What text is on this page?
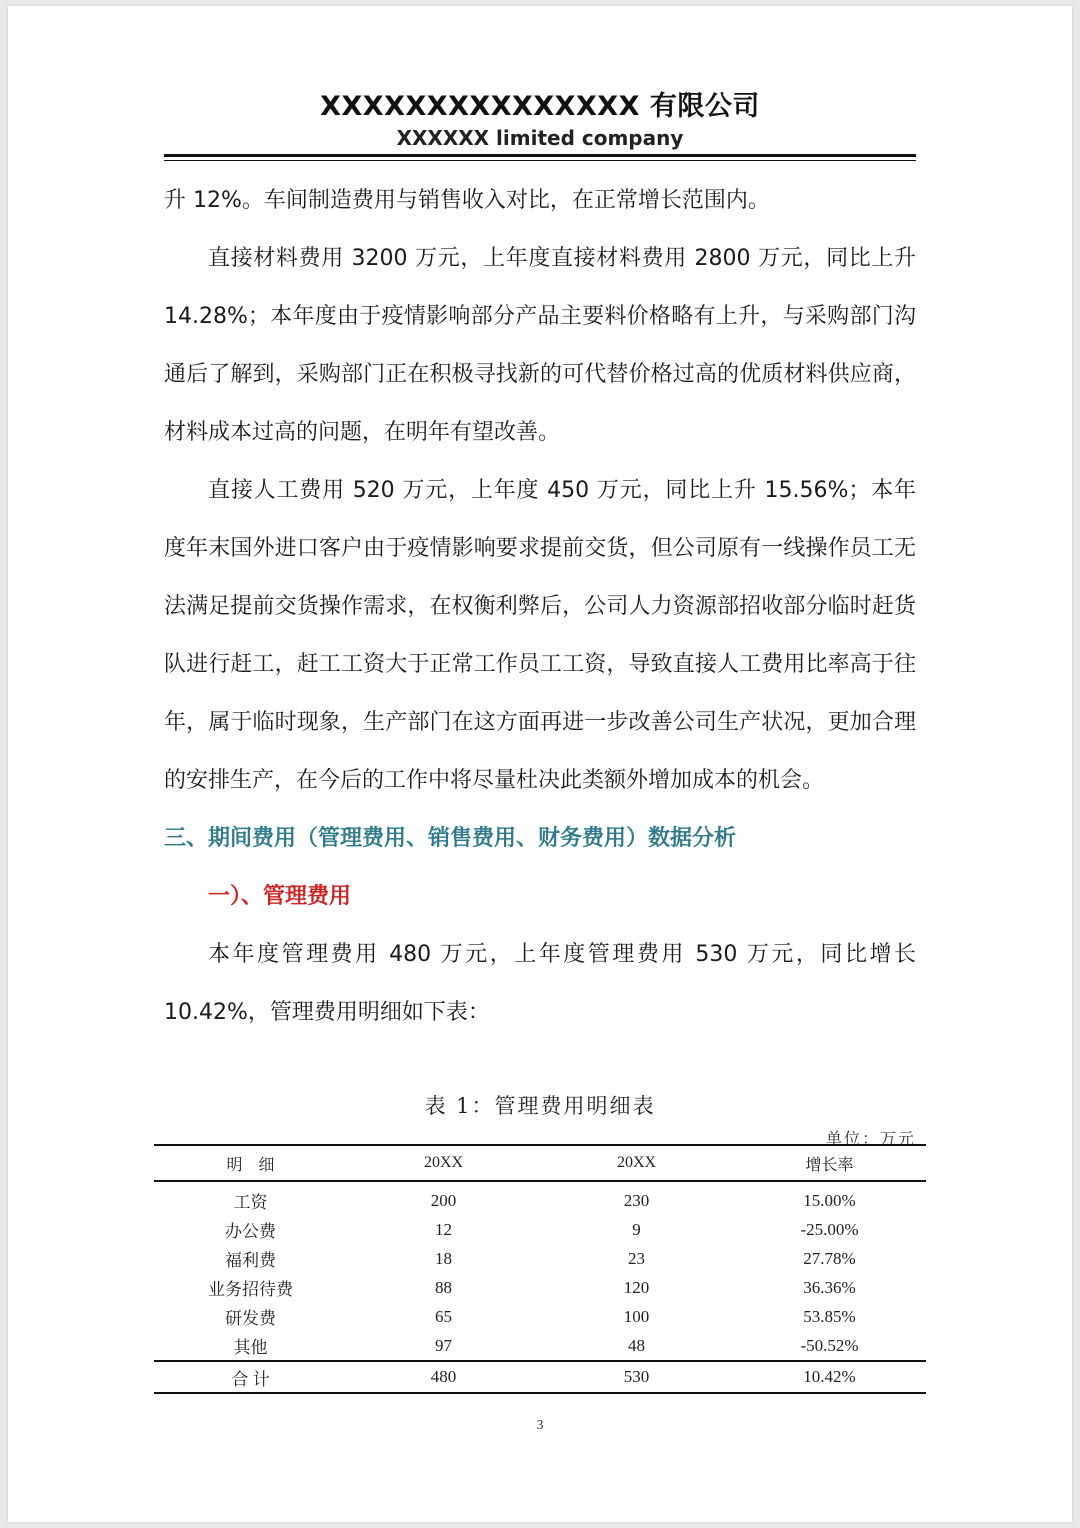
XXXXXXXXXXXXXXX 有限公司
XXXXXX limited company

升 12%。车间制造费用与销售收入对比，在正常增长范围内。

直接材料费用 3200 万元，上年度直接材料费用 2800 万元，同比上升 14.28%；本年度由于疫情影响部分产品主要料价格略有上升，与采购部门沟通后了解到，采购部门正在积极寻找新的可代替价格过高的优质材料供应商，材料成本过高的问题，在明年有望改善。

直接人工费用 520 万元，上年度 450 万元，同比上升 15.56%；本年度年末国外进口客户由于疫情影响要求提前交货，但公司原有一线操作员工无法满足提前交货操作需求，在权衡利弊后，公司人力资源部招收部分临时赶货队进行赶工，赶工工资大于正常工作员工工资，导致直接人工费用比率高于往年，属于临时现象，生产部门在这方面再进一步改善公司生产状况，更加合理的安排生产，在今后的工作中将尽量杜决此类额外增加成本的机会。

三、期间费用（管理费用、销售费用、财务费用）数据分析

一）、管理费用

本年度管理费用 480 万元，上年度管理费用 530 万元，同比增长 10.42%，管理费用明细如下表：

表 1：管理费用明细表
单位：万元
明　细	20XX	20XX	增长率
工资	200	230	15.00%
办公费	12	9	-25.00%
福利费	18	23	27.78%
业务招待费	88	120	36.36%
研发费	65	100	53.85%
其他	97	48	-50.52%
合 计	480	530	10.42%
3
